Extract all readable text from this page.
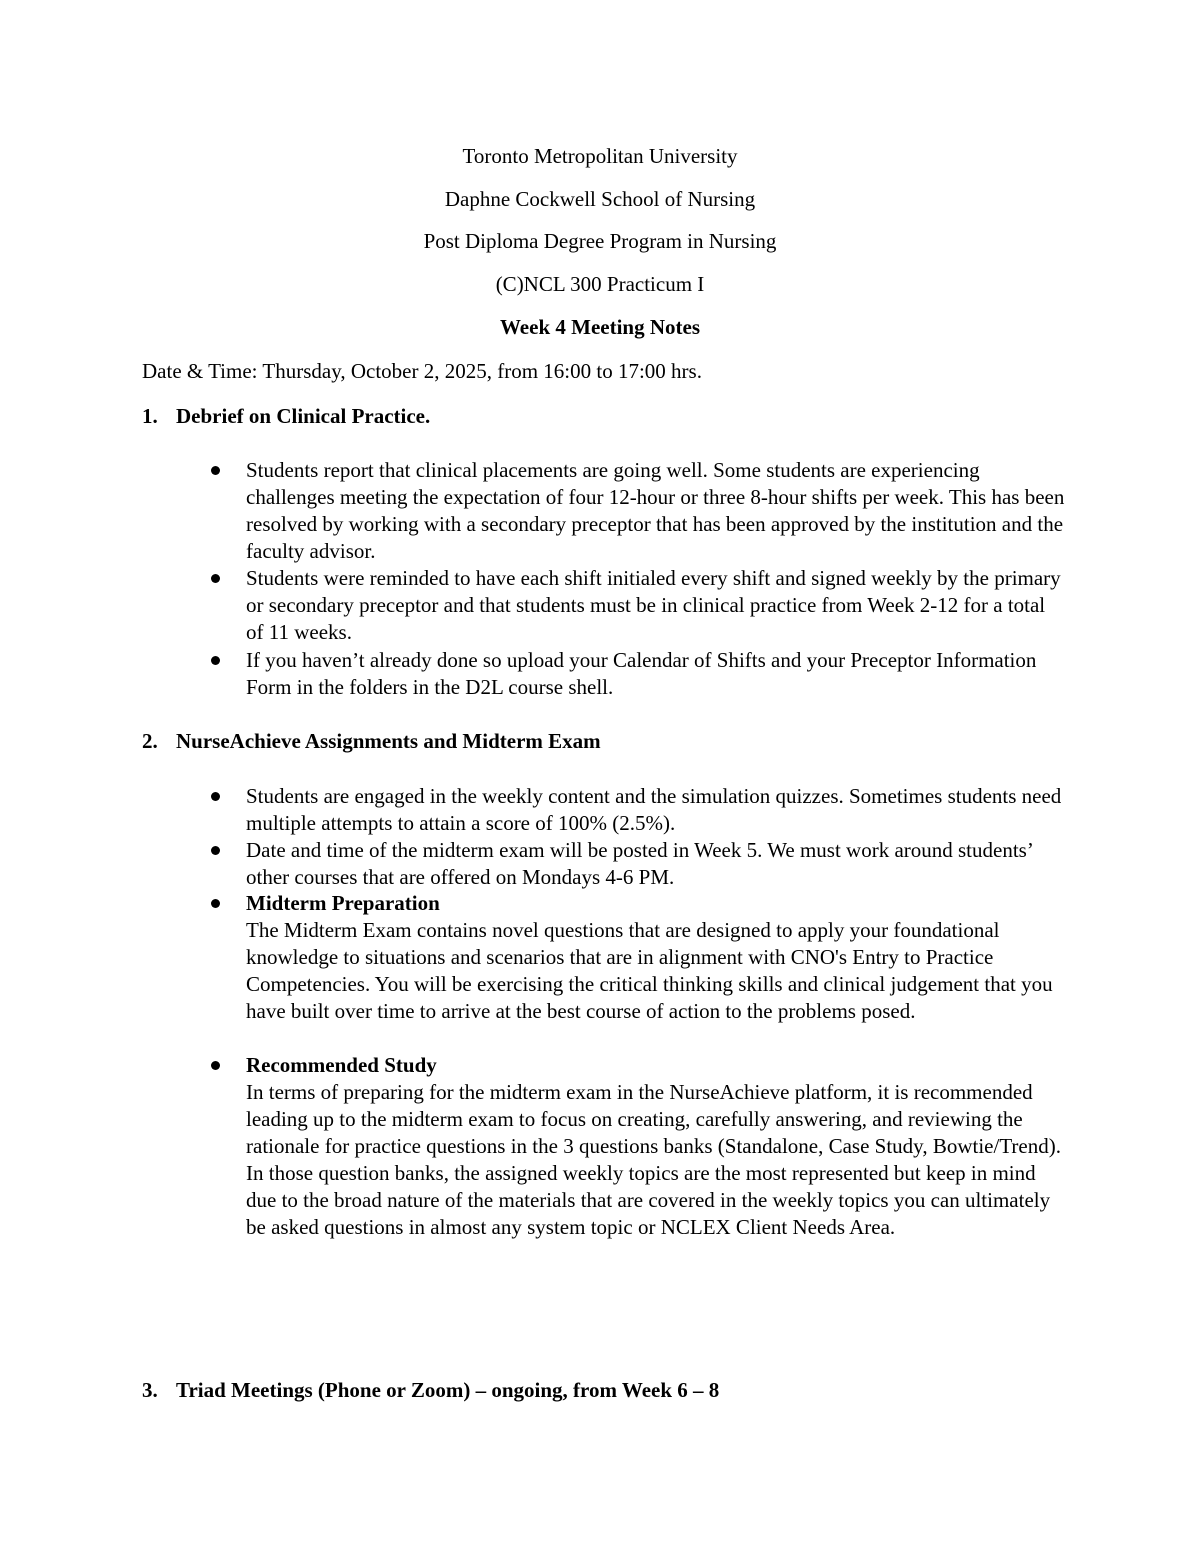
Toronto Metropolitan University
Daphne Cockwell School of Nursing
Post Diploma Degree Program in Nursing
(C)NCL 300 Practicum I
Week 4 Meeting Notes
Date & Time: Thursday, October 2, 2025, from 16:00 to 17:00 hrs.
1. Debrief on Clinical Practice.

Students report that clinical placements are going well. Some students are experiencing challenges meeting the expectation of four 12-hour or three 8-hour shifts per week. This has been resolved by working with a secondary preceptor that has been approved by the institution and the faculty advisor.

Students were reminded to have each shift initialed every shift and signed weekly by the primary or secondary preceptor and that students must be in clinical practice from Week 2-12 for a total of 11 weeks.

If you haven’t already done so upload your Calendar of Shifts and your Preceptor Information Form in the folders in the D2L course shell.

2. NurseAchieve Assignments and Midterm Exam

Students are engaged in the weekly content and the simulation quizzes. Sometimes students need multiple attempts to attain a score of 100% (2.5%).

Date and time of the midterm exam will be posted in Week 5. We must work around students’ other courses that are offered on Mondays 4-6 PM.

Midterm Preparation

The Midterm Exam contains novel questions that are designed to apply your foundational knowledge to situations and scenarios that are in alignment with CNO's Entry to Practice Competencies. You will be exercising the critical thinking skills and clinical judgement that you have built over time to arrive at the best course of action to the problems posed.

Recommended Study

In terms of preparing for the midterm exam in the NurseAchieve platform, it is recommended leading up to the midterm exam to focus on creating, carefully answering, and reviewing the rationale for practice questions in the 3 questions banks (Standalone, Case Study, Bowtie/Trend). In those question banks, the assigned weekly topics are the most represented but keep in mind due to the broad nature of the materials that are covered in the weekly topics you can ultimately be asked questions in almost any system topic or NCLEX Client Needs Area.

3. Triad Meetings (Phone or Zoom) – ongoing, from Week 6 – 8
